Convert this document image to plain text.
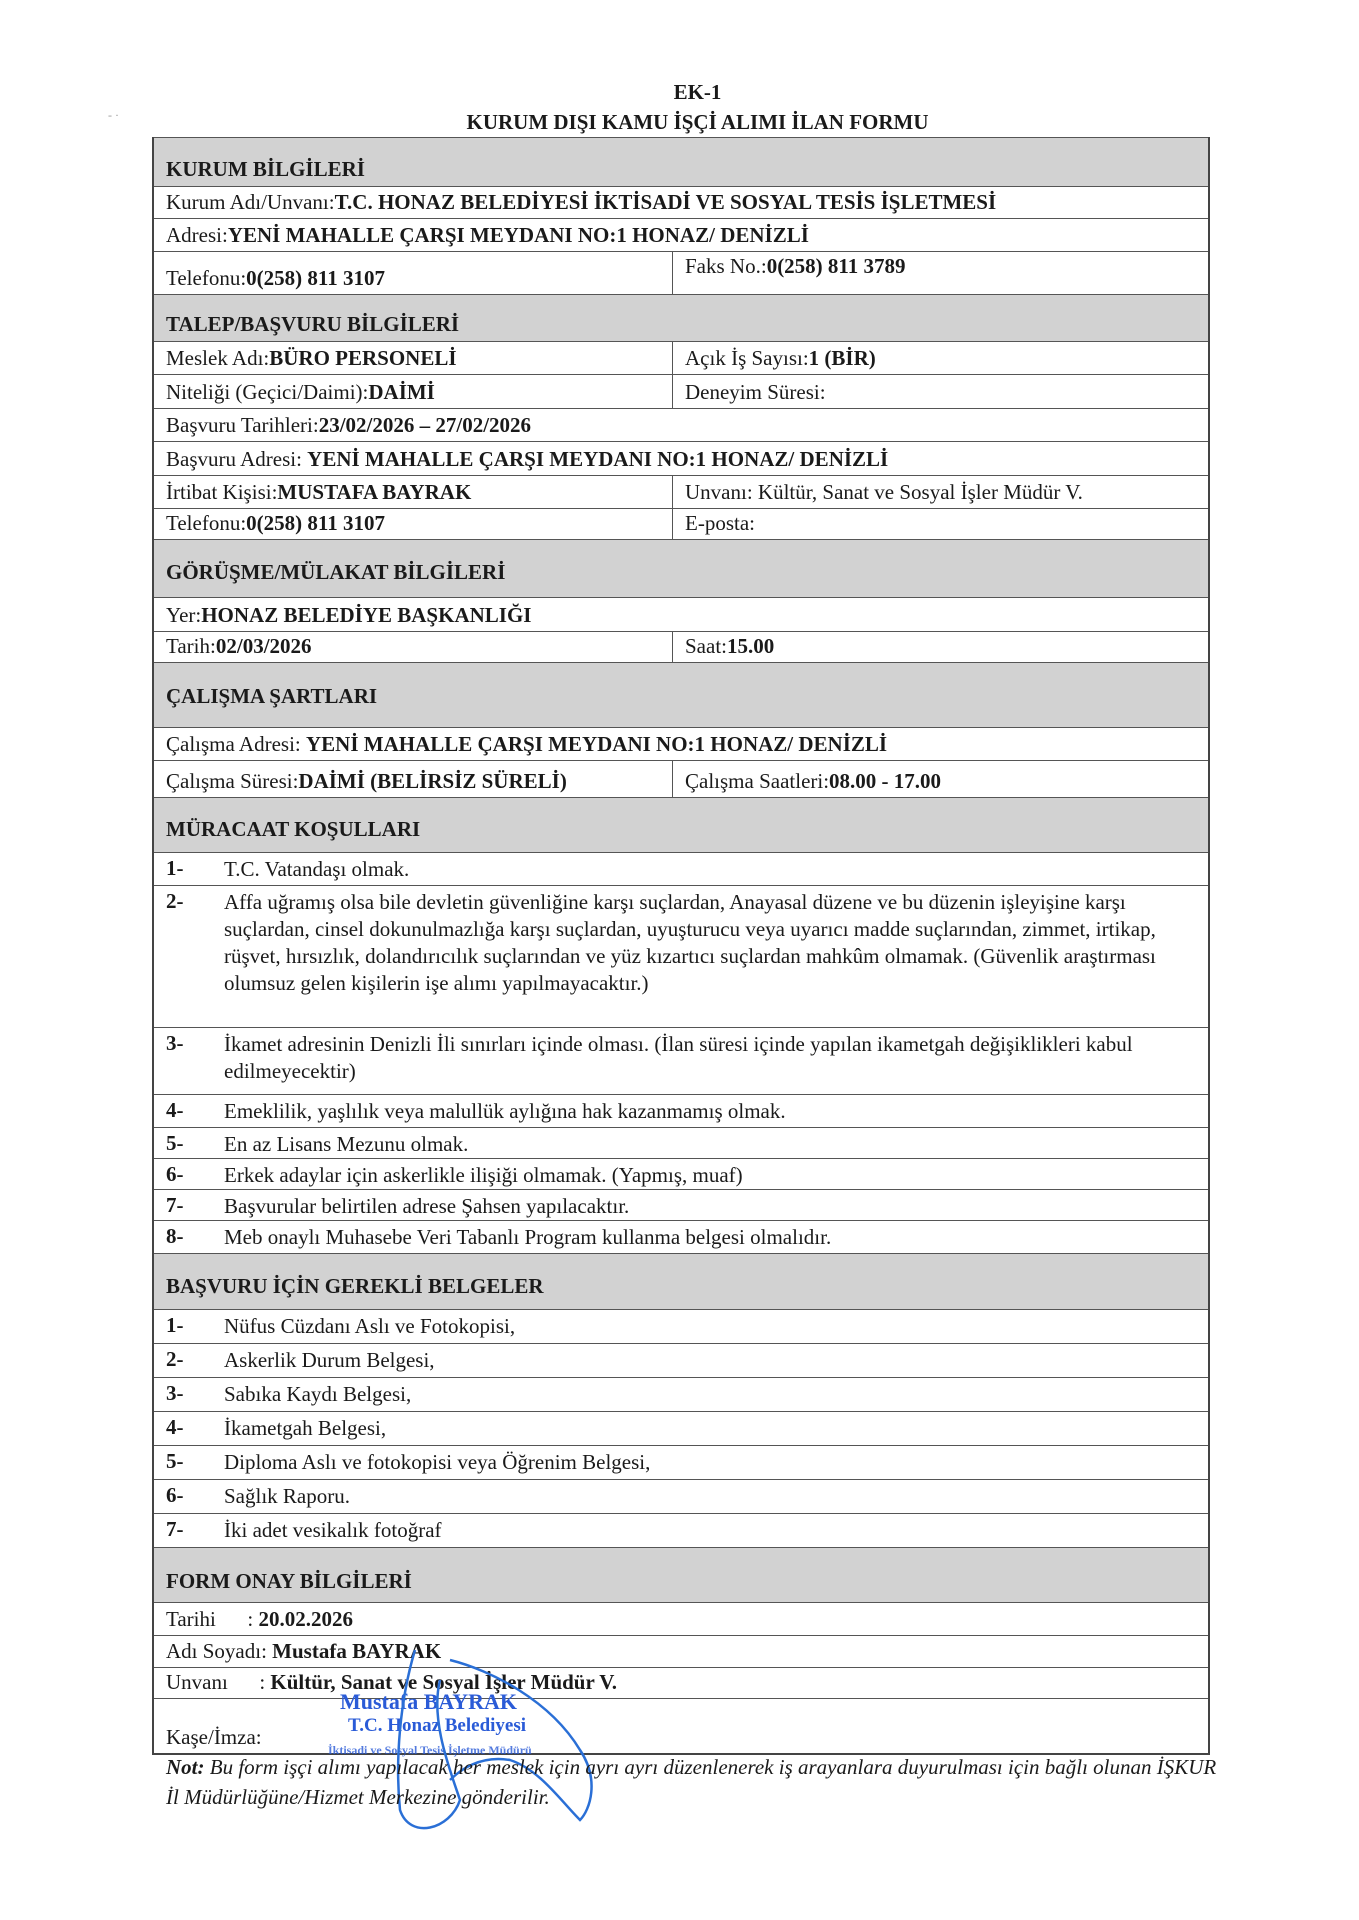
- ·
EK-1
KURUM DIŞI KAMU İŞÇİ ALIMI İLAN FORMU
KURUM BİLGİLERİ
Kurum Adı/Unvanı: T.C. HONAZ BELEDİYESİ İKTİSADİ VE SOSYAL TESİS İŞLETMESİ
Adresi: YENİ MAHALLE ÇARŞI MEYDANI NO:1 HONAZ/ DENİZLİ
Telefonu: 0(258) 811 3107	Faks No.: 0(258) 811 3789
TALEP/BAŞVURU BİLGİLERİ
Meslek Adı: BÜRO PERSONELİ	Açık İş Sayısı: 1 (BİR)
Niteliği (Geçici/Daimi): DAİMİ	Deneyim Süresi:
Başvuru Tarihleri: 23/02/2026 – 27/02/2026
Başvuru Adresi:
YENİ MAHALLE ÇARŞI MEYDANI NO:1 HONAZ/ DENİZLİ
İrtibat Kişisi: MUSTAFA BAYRAK	Unvanı: Kültür, Sanat ve Sosyal İşler Müdür V.
Telefonu: 0(258) 811 3107	E-posta:
GÖRÜŞME/MÜLAKAT BİLGİLERİ
Yer: HONAZ BELEDİYE BAŞKANLIĞI
Tarih: 02/03/2026	Saat: 15.00
ÇALIŞMA ŞARTLARI
Çalışma Adresi:
YENİ MAHALLE ÇARŞI MEYDANI NO:1 HONAZ/ DENİZLİ
Çalışma Süresi: DAİMİ (BELİRSİZ SÜRELİ)	Çalışma Saatleri: 08.00 - 17.00
MÜRACAAT KOŞULLARI
1-	T.C. Vatandaşı olmak.
2-	Affa uğramış olsa bile devletin güvenliğine karşı suçlardan, Anayasal düzene ve bu düzenin işleyişine karşı suçlardan, cinsel dokunulmazlığa karşı suçlardan, uyuşturucu veya uyarıcı madde suçlarından, zimmet, irtikap, rüşvet, hırsızlık, dolandırıcılık suçlarından ve yüz kızartıcı suçlardan mahkûm olmamak. (Güvenlik araştırması olumsuz gelen kişilerin işe alımı yapılmayacaktır.)
3-	İkamet adresinin Denizli İli sınırları içinde olması. (İlan süresi içinde yapılan ikametgah değişiklikleri kabul edilmeyecektir)
4-	Emeklilik, yaşlılık veya malullük aylığına hak kazanmamış olmak.
5-	En az Lisans Mezunu olmak.
6-	Erkek adaylar için askerlikle ilişiği olmamak. (Yapmış, muaf)
7-	Başvurular belirtilen adrese Şahsen yapılacaktır.
8-	Meb onaylı Muhasebe Veri Tabanlı Program kullanma belgesi olmalıdır.
BAŞVURU İÇİN GEREKLİ BELGELER
1-	Nüfus Cüzdanı Aslı ve Fotokopisi,
2-	Askerlik Durum Belgesi,
3-	Sabıka Kaydı Belgesi,
4-	İkametgah Belgesi,
5-	Diploma Aslı ve fotokopisi veya Öğrenim Belgesi,
6-	Sağlık Raporu.
7-	İki adet vesikalık fotoğraf
FORM ONAY BİLGİLERİ
Tarihi      : 20.02.2026
Adı Soyadı: Mustafa BAYRAK
Unvanı      : Kültür, Sanat ve Sosyal İşler Müdür V.
Kaşe/İmza:
Mustafa BAYRAK
T.C. Honaz Belediyesi
İktisadi ve Sosyal Tesis İşletme Müdürü
Not: Bu form işçi alımı yapılacak her meslek için ayrı ayrı düzenlenerek iş arayanlara duyurulması için bağlı olunan İŞKUR İl Müdürlüğüne/Hizmet Merkezine gönderilir.
